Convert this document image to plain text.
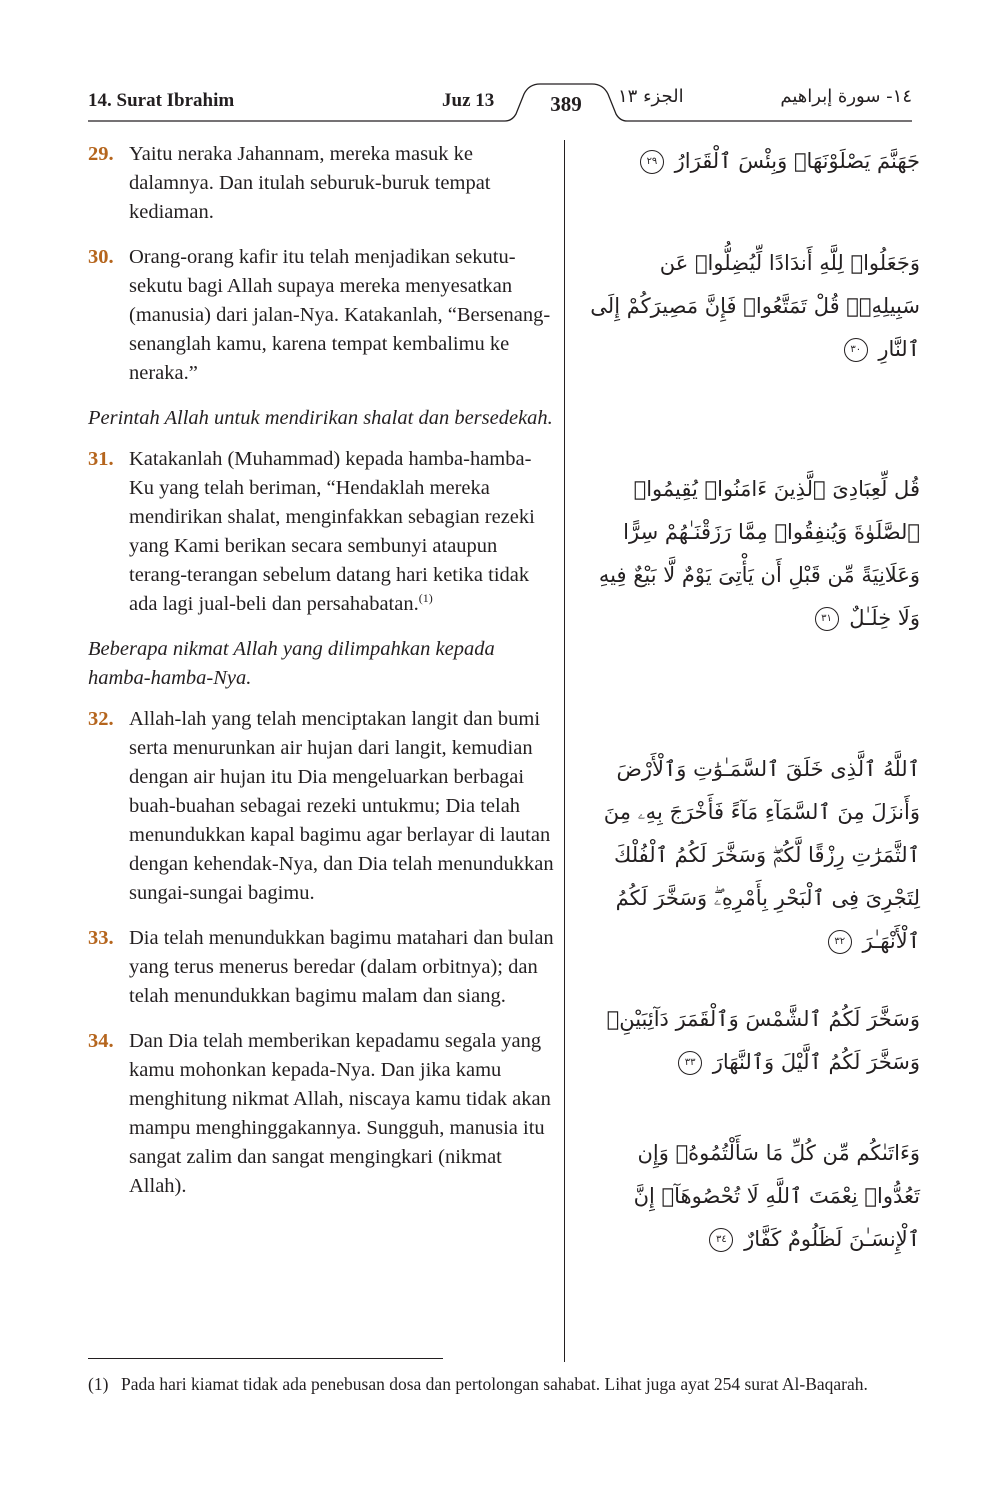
14. Surat Ibrahim	Juz 13	389	الجزء ١٣	١٤- سورة إبراهيم
29. Yaitu neraka Jahannam, mereka masuk ke dalamnya. Dan itulah seburuk-buruk tempat kediaman.
30. Orang-orang kafir itu telah menjadikan sekutu-sekutu bagi Allah supaya mereka menyesatkan (manusia) dari jalan-Nya. Katakanlah, “Bersenang-senanglah kamu, karena tempat kembalimu ke neraka.”
Perintah Allah untuk mendirikan shalat dan bersedekah.
31. Katakanlah (Muhammad) kepada hamba-hamba-Ku yang telah beriman, “Hendaklah mereka mendirikan shalat, menginfakkan sebagian rezeki yang Kami berikan secara sembunyi ataupun terang-terangan sebelum datang hari ketika tidak ada lagi jual-beli dan persahabatan.$^{(1)}$
Beberapa nikmat Allah yang dilimpahkan kepada hamba-hamba-Nya.
32. Allah-lah yang telah menciptakan langit dan bumi serta menurunkan air hujan dari langit, kemudian dengan air hujan itu Dia mengeluarkan berbagai buah-buahan sebagai rezeki untukmu; Dia telah menundukkan kapal bagimu agar berlayar di lautan dengan kehendak-Nya, dan Dia telah menundukkan sungai-sungai bagimu.
33. Dia telah menundukkan bagimu matahari dan bulan yang terus menerus beredar (dalam orbitnya); dan telah menundukkan bagimu malam dan siang.
34. Dan Dia telah memberikan kepadamu segala yang kamu mohonkan kepada-Nya. Dan jika kamu menghitung nikmat Allah, niscaya kamu tidak akan mampu menghinggakannya. Sungguh, manusia itu sangat zalim dan sangat mengingkari (nikmat Allah).
جَهَنَّمَ يَصْلَوْنَهَاۖ وَبِئْسَ ٱلْقَرَارُ ٢٩
وَجَعَلُوا۟ لِلَّهِ أَندَادًا لِّيُضِلُّوا۟ عَن سَبِيلِهِۦۗ قُلْ تَمَتَّعُوا۟ فَإِنَّ مَصِيرَكُمْ إِلَى ٱلنَّارِ ٣٠
قُل لِّعِبَادِىَ ٱلَّذِينَ ءَامَنُوا۟ يُقِيمُوا۟ ٱلصَّلَوٰةَ وَيُنفِقُوا۟ مِمَّا رَزَقْنَـٰهُمْ سِرًّا وَعَلَانِيَةً مِّن قَبْلِ أَن يَأْتِىَ يَوْمٌ لَّا بَيْعٌ فِيهِ وَلَا خِلَـٰلٌ ٣١
ٱللَّهُ ٱلَّذِى خَلَقَ ٱلسَّمَـٰوَٰتِ وَٱلْأَرْضَ وَأَنزَلَ مِنَ ٱلسَّمَآءِ مَآءً فَأَخْرَجَ بِهِۦ مِنَ ٱلثَّمَرَٰتِ رِزْقًا لَّكُمْۖ وَسَخَّرَ لَكُمُ ٱلْفُلْكَ لِتَجْرِىَ فِى ٱلْبَحْرِ بِأَمْرِهِۦۖ وَسَخَّرَ لَكُمُ ٱلْأَنْهَـٰرَ ٣٢
وَسَخَّرَ لَكُمُ ٱلشَّمْسَ وَٱلْقَمَرَ دَآئِبَيْنِۖ وَسَخَّرَ لَكُمُ ٱلَّيْلَ وَٱلنَّهَارَ ٣٣
وَءَاتَىٰكُم مِّن كُلِّ مَا سَأَلْتُمُوهُۚ وَإِن تَعُدُّوا۟ نِعْمَتَ ٱللَّهِ لَا تُحْصُوهَآۗ إِنَّ ٱلْإِنسَـٰنَ لَظَلُومٌ كَفَّارٌ ٣٤
(1) Pada hari kiamat tidak ada penebusan dosa dan pertolongan sahabat. Lihat juga ayat 254 surat Al-Baqarah.
